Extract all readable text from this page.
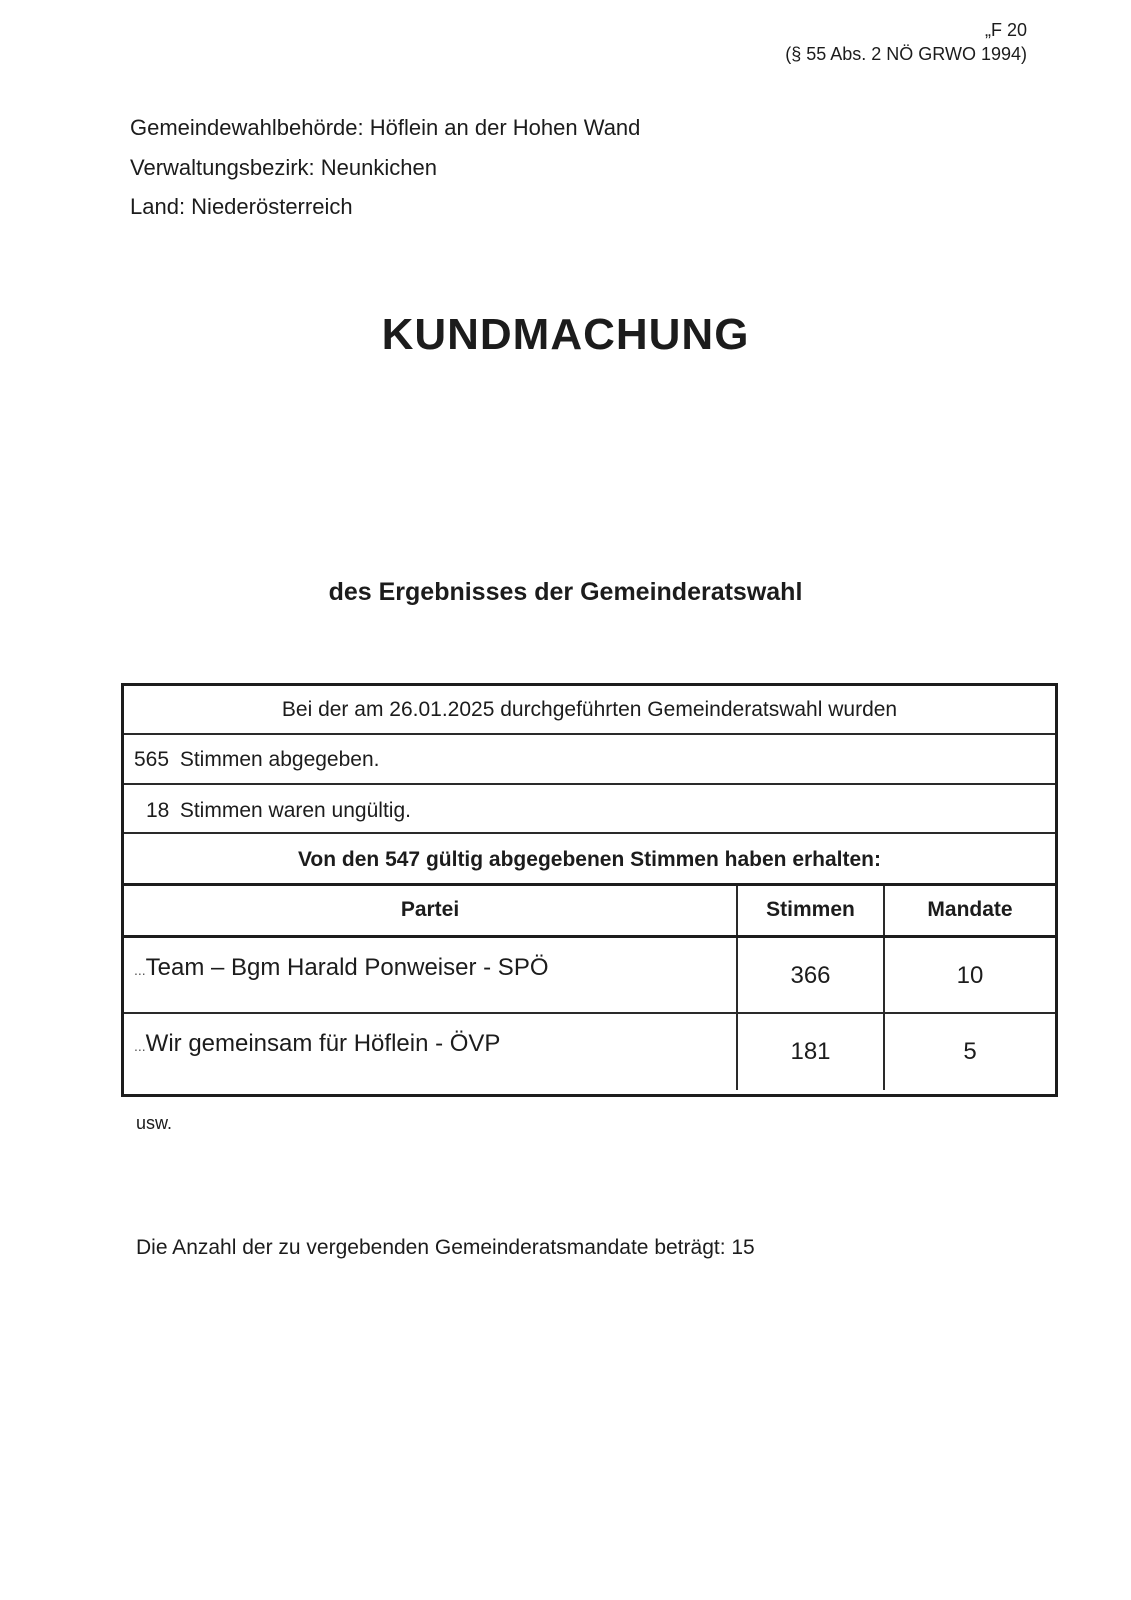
„F 20
(§ 55 Abs. 2 NÖ GRWO 1994)
Gemeindewahlbehörde: Höflein an der Hohen Wand
Verwaltungsbezirk: Neunkichen
Land: Niederösterreich
KUNDMACHUNG
des Ergebnisses der Gemeinderatswahl
Bei der am 26.01.2025 durchgeführten Gemeinderatswahl wurden
565 Stimmen abgegeben.
18 Stimmen waren ungültig.
Von den 547 gültig abgegebenen Stimmen haben erhalten:
Partei	Stimmen	Mandate
...Team – Bgm Harald Ponweiser - SPÖ	366	10
...Wir gemeinsam für Höflein - ÖVP	181	5
usw.
Die Anzahl der zu vergebenden Gemeinderatsmandate beträgt: 15
